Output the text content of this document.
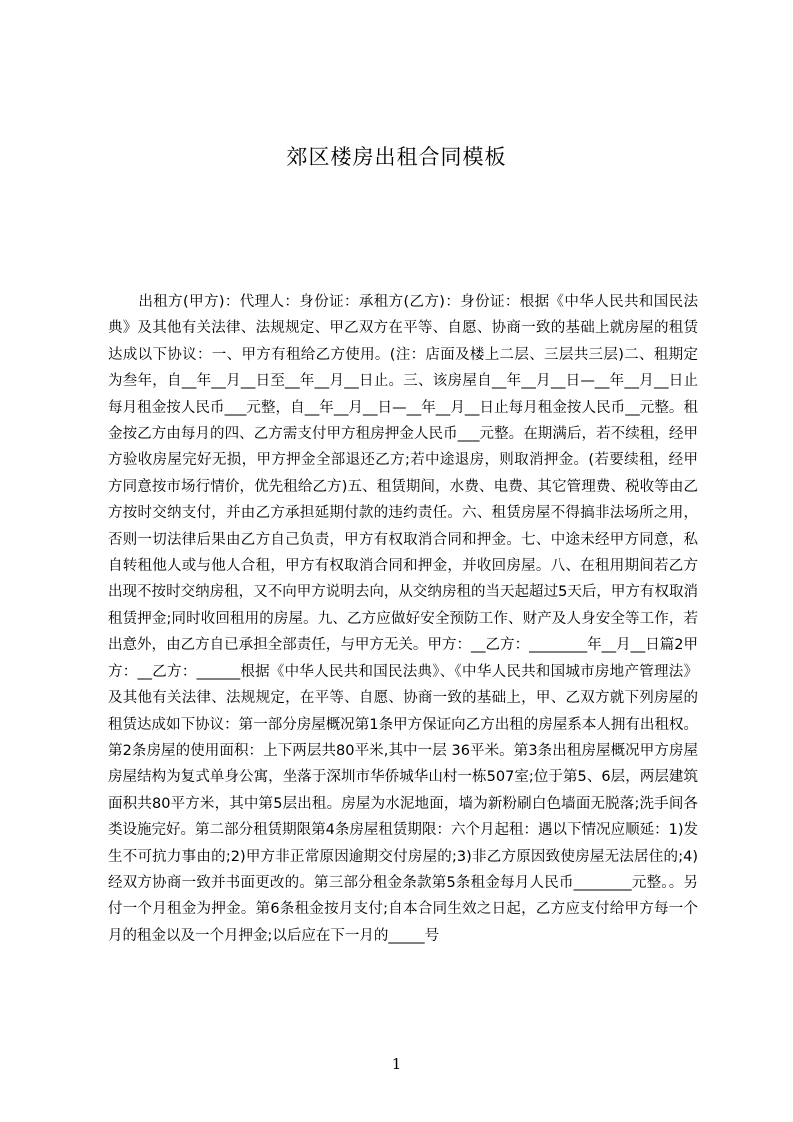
郊区楼房出租合同模板

出租方(甲方)：代理人：身份证：承租方(乙方)：身份证：根据《中华人民共和国民法典》及其他有关法律、法规规定、甲乙双方在平等、自愿、协商一致的基础上就房屋的租赁达成以下协议：一、甲方有租给乙方使用。(注：店面及楼上二层、三层共三层)二、租期定为叁年，自__年__月__日至__年__月__日止。三、该房屋自__年__月__日—__年__月__日止每月租金按人民币___元整，自__年__月__日—__年__月__日止每月租金按人民币__元整。租金按乙方由每月的四、乙方需支付甲方租房押金人民币___元整。在期满后，若不续租，经甲方验收房屋完好无损，甲方押金全部退还乙方;若中途退房，则取消押金。(若要续租，经甲方同意按市场行情价，优先租给乙方)五、租赁期间，水费、电费、其它管理费、税收等由乙方按时交纳支付，并由乙方承担延期付款的违约责任。六、租赁房屋不得搞非法场所之用，否则一切法律后果由乙方自己负责，甲方有权取消合同和押金。七、中途未经甲方同意，私自转租他人或与他人合租，甲方有权取消合同和押金，并收回房屋。八、在租用期间若乙方出现不按时交纳房租，又不向甲方说明去向，从交纳房租的当天起超过5天后，甲方有权取消租赁押金;同时收回租用的房屋。九、乙方应做好安全预防工作、财产及人身安全等工作，若出意外，由乙方自已承担全部责任，与甲方无关。甲方：__乙方：________年__月__日篇2甲方：__乙方：______根据《中华人民共和国民法典》、《中华人民共和国城市房地产管理法》及其他有关法律、法规规定，在平等、自愿、协商一致的基础上，甲、乙双方就下列房屋的租赁达成如下协议：第一部分房屋概况第1条甲方保证向乙方出租的房屋系本人拥有出租权。第2条房屋的使用面积：上下两层共80平米,其中一层 36平米。第3条出租房屋概况甲方房屋房屋结构为复式单身公寓，坐落于深圳市华侨城华山村一栋507室;位于第5、6层，两层建筑面积共80平方米，其中第5层出租。房屋为水泥地面，墙为新粉刷白色墙面无脱落;洗手间各类设施完好。第二部分租赁期限第4条房屋租赁期限：六个月起租：遇以下情况应顺延：1)发生不可抗力事由的;2)甲方非正常原因逾期交付房屋的;3)非乙方原因致使房屋无法居住的;4)经双方协商一致并书面更改的。第三部分租金条款第5条租金每月人民币________元整。。另付一个月租金为押金。第6条租金按月支付;自本合同生效之日起，乙方应支付给甲方每一个月的租金以及一个月押金;以后应在下一月的_____号

1
